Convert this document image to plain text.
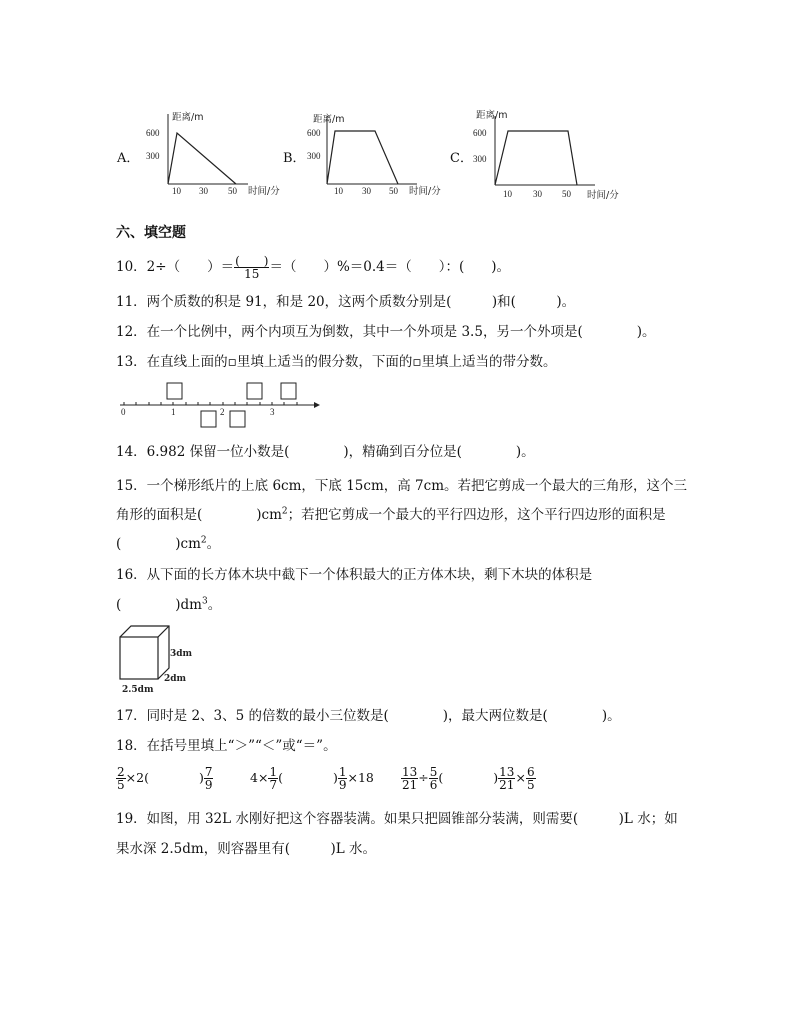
A．
距离/m
600
300
10 30 50 时间/分
B．
距离/m
600
300
10 30 50 时间/分
C．
距离/m
600
300
10 30 50 时间/分
六、填空题
10．2÷（　　）＝ $\frac{( )}{15}$ ＝（　　）%＝0.4＝（　　）：(　　)。
11．两个质数的积是 91，和是 20，这两个质数分别是(　　　)和(　　　)。
12．在一个比例中，两个内项互为倒数，其中一个外项是 3.5，另一个外项是(　　　　)。
13．在直线上面的▫里填上适当的假分数，下面的▫里填上适当的带分数。
0	1	2	3
14．6.982 保留一位小数是(　　　　)，精确到百分位是(　　　　)。
15．一个梯形纸片的上底 6cm，下底 15cm，高 7cm。若把它剪成一个最大的三角形，这个三
角形的面积是(　　　　)$cm^2$；若把它剪成一个最大的平行四边形，这个平行四边形的面积是
(　　　　)$cm^2$。
16．从下面的长方体木块中截下一个体积最大的正方体木块，剩下木块的体积是
(　　　　)$dm^3$。
3dm
2dm
2.5dm
17．同时是 2、3、5 的倍数的最小三位数是(　　　　)，最大两位数是(　　　　)。
18．在括号里填上“＞”“＜”或“＝”。
$\frac{2}{5} \times 2$(　　　　) $\frac{7}{9}$	$4\times \frac{1}{7}$ (　　　　) $\frac{1}{9} \times 18 \frac{13}{21} \div \frac{5}{6}$ (　　　　) $\frac{13}{21} \times \frac{6}{5}$
19．如图，用 32L 水刚好把这个容器装满。如果只把圆锥部分装满，则需要(　　　)L 水；如
果水深 2.5dm，则容器里有(　　　)L 水。
